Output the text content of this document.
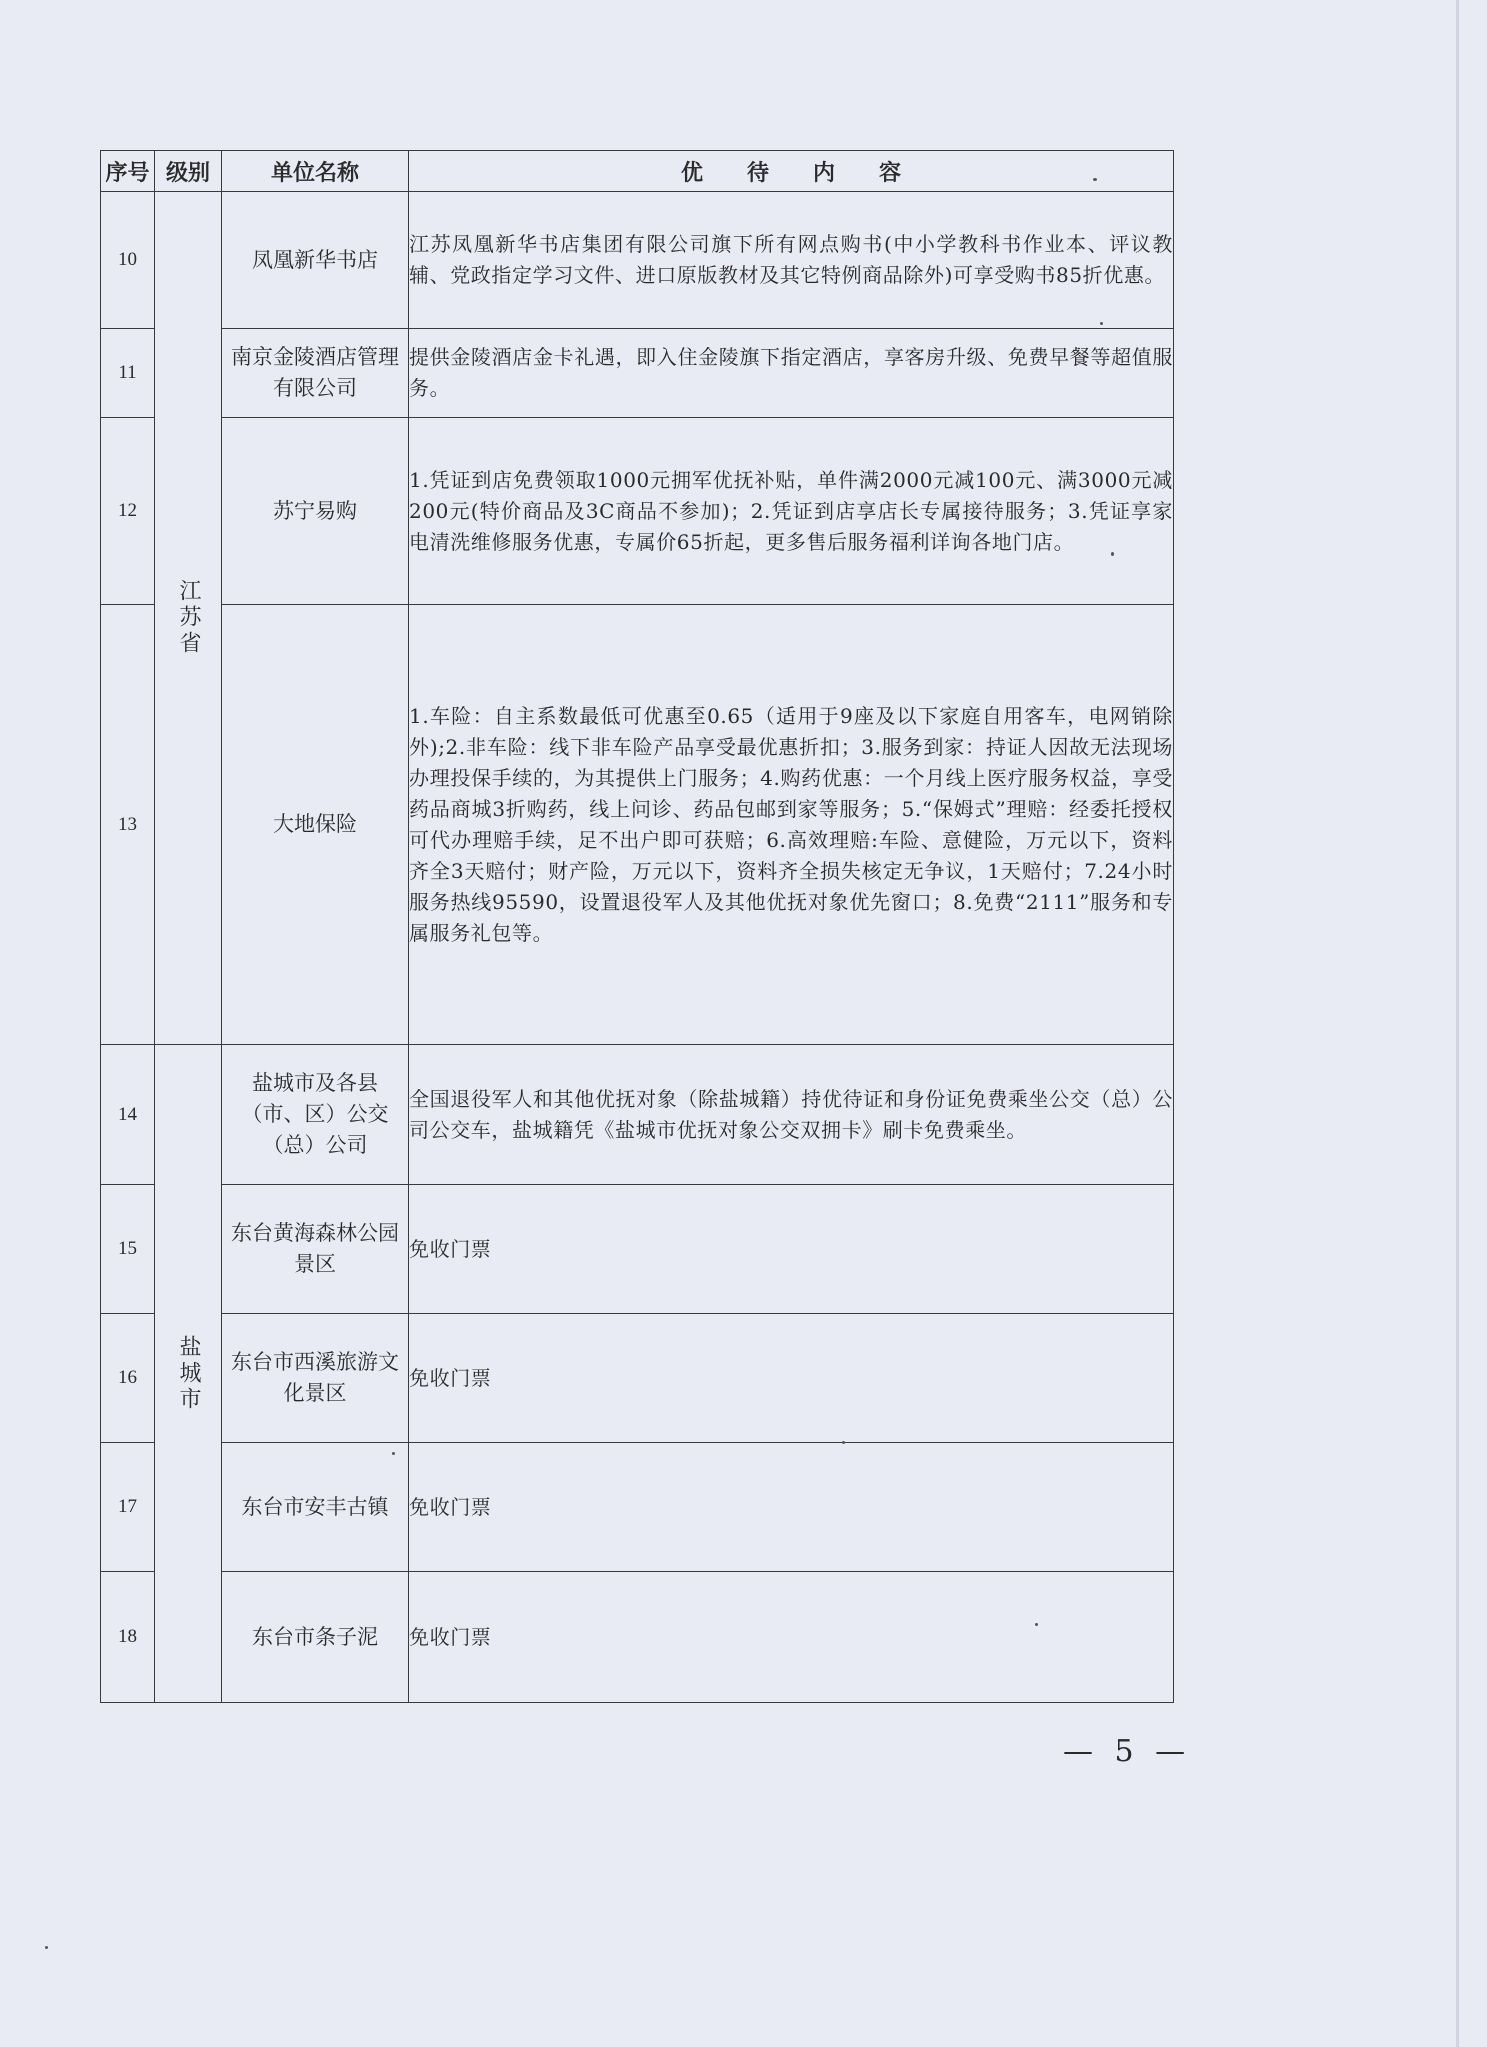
序号	级别	单位名称	优待内容
10	江苏省	凤凰新华书店	江苏凤凰新华书店集团有限公司旗下所有网点购书(中小学教科书作业本、评议教辅、党政指定学习文件、进口原版教材及其它特例商品除外)可享受购书85折优惠。
11		南京金陵酒店管理有限公司	提供金陵酒店金卡礼遇，即入住金陵旗下指定酒店，享客房升级、免费早餐等超值服务。
12		苏宁易购	1.凭证到店免费领取1000元拥军优抚补贴，单件满2000元减100元、满3000元减200元(特价商品及3C商品不参加)；2.凭证到店享店长专属接待服务；3.凭证享家电清洗维修服务优惠，专属价65折起，更多售后服务福利详询各地门店。
13		大地保险	1.车险：自主系数最低可优惠至0.65（适用于9座及以下家庭自用客车，电网销除外);2.非车险：线下非车险产品享受最优惠折扣；3.服务到家：持证人因故无法现场办理投保手续的，为其提供上门服务；4.购药优惠：一个月线上医疗服务权益，享受药品商城3折购药，线上问诊、药品包邮到家等服务；5.“保姆式”理赔：经委托授权可代办理赔手续，足不出户即可获赔；6.高效理赔:车险、意健险，万元以下，资料齐全3天赔付；财产险，万元以下，资料齐全损失核定无争议，1天赔付；7.24小时服务热线95590，设置退役军人及其他优抚对象优先窗口；8.免费“2111”服务和专属服务礼包等。
14	盐城市	盐城市及各县（市、区）公交（总）公司	全国退役军人和其他优抚对象（除盐城籍）持优待证和身份证免费乘坐公交（总）公司公交车，盐城籍凭《盐城市优抚对象公交双拥卡》刷卡免费乘坐。
15		东台黄海森林公园景区	免收门票
16		东台市西溪旅游文化景区	免收门票
17		东台市安丰古镇	免收门票
18		东台市条子泥	免收门票
— 5 —
